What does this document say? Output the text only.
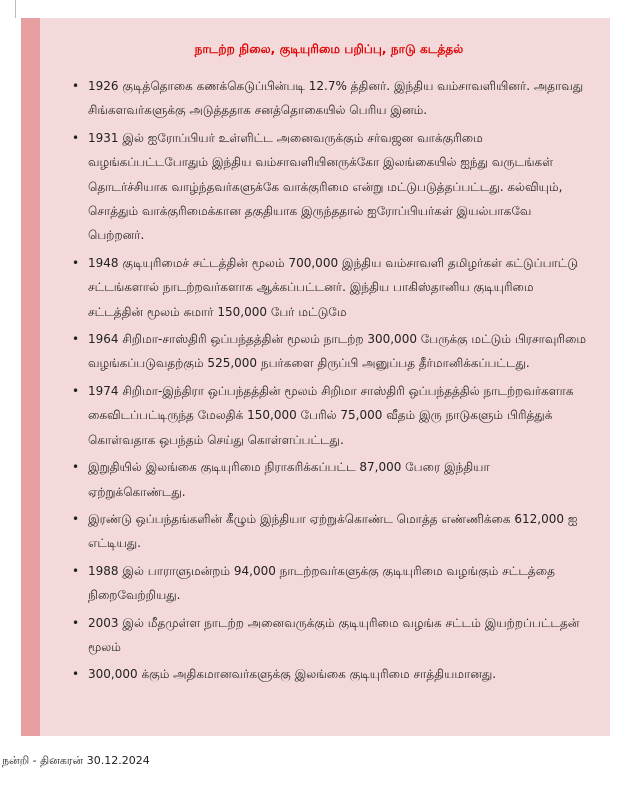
நாடற்ற நிலை, குடியுரிமை பறிப்பு, நாடு கடத்தல்
• 1926 குடித்தொகை கணக்கெடுப்பின்படி 12.7% த்தினர். இந்திய வம்சாவளியினர். அதாவது சிங்களவர்களுக்கு அடுத்ததாக சனத்தொகையில் பெரிய இனம்.
• 1931 இல் ஐரோப்பியர் உள்ளிட்ட அனைவருக்கும் சர்வஜன வாக்குரிமை வழங்கப்பட்டபோதும் இந்திய வம்சாவளியினருக்கோ இலங்கையில் ஐந்து வருடங்கள் தொடர்ச்சியாக வாழ்ந்தவர்களுக்கே வாக்குரிமை என்று மட்டுபடுத்தப்பட்டது. கல்வியும், சொத்தும் வாக்குரிமைக்கான தகுதியாக இருந்ததால் ஐரோப்பியர்கள் இயல்பாகவே பெற்றனர்.
• 1948 குடியுரிமைச் சட்டத்தின் மூலம் 700,000 இந்திய வம்சாவளி தமிழர்கள் கட்டுப்பாட்டு சட்டங்களால் நாடற்றவர்களாக ஆக்கப்பட்டனர். இந்திய பாகிஸ்தானிய குடியுரிமை சட்டத்தின் மூலம் சுமார் 150,000 பேர் மட்டுமே
• 1964 சிறிமா-சாஸ்திரி ஒப்பந்தத்தின் மூலம் நாடற்ற 300,000 பேருக்கு மட்டும் பிரசாவுரிமை வழங்கப்படுவதற்கும் 525,000 நபர்களை திருப்பி அனுப்பத தீர்மானிக்கப்பட்டது.
• 1974 சிறிமா-இந்திரா ஒப்பந்தத்தின் மூலம் சிறிமா சாஸ்திரி ஒப்பந்தத்தில் நாடற்றவர்களாக கைவிடப்பட்டிருந்த மேலதிக் 150,000 பேரில் 75,000 வீதம் இரு நாடுகளும் பிரித்துக் கொள்வதாக ஒபந்தம் செய்து கொள்ளப்பட்டது.
• இறுதியில் இலங்கை குடியுரிமை நிராகரிக்கப்பட்ட 87,000 பேரை இந்தியா ஏற்றுக்கொண்டது.
• இரண்டு ஒப்பந்தங்களின் கீழும் இந்தியா ஏற்றுக்கொண்ட மொத்த எண்ணிக்கை 612,000 ஐ எட்டியது.
• 1988 இல் பாராளுமன்றம் 94,000 நாடற்றவர்களுக்கு குடியுரிமை வழங்கும் சட்டத்தை நிறைவேற்றியது.
• 2003 இல் மீதமுள்ள நாடற்ற அனைவருக்கும் குடியுரிமை வழங்க சட்டம் இயற்றப்பட்டதன் மூலம்
• 300,000 க்கும் அதிகமானவர்களுக்கு இலங்கை குடியுரிமை சாத்தியமானது.
நன்றி - தினகரன் 30.12.2024
